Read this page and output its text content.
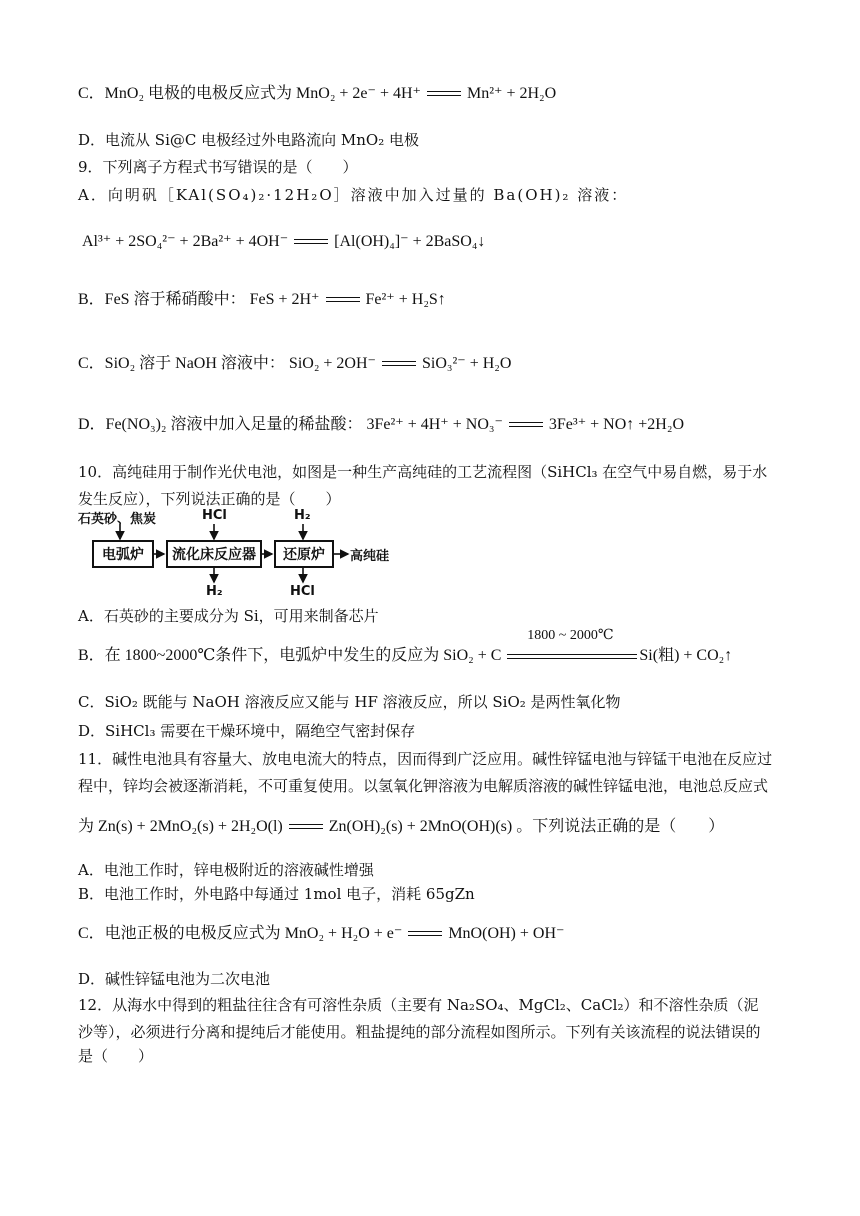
C．MnO₂ 电极的电极反应式为 MnO₂ + 2e⁻ + 4H⁺	Mn²⁺ + 2H₂O
D．电流从 Si@C 电极经过外电路流向 MnO₂ 电极
9．下列离子方程式书写错误的是（　　）
A．向明矾［KAl(SO₄)₂·12H₂O］溶液中加入过量的 Ba(OH)₂ 溶液：
Al³⁺ + 2SO₄²⁻ + 2Ba²⁺ + 4OH⁻	[Al(OH)₄]⁻ + 2BaSO₄↓
B．FeS 溶于稀硝酸中： FeS + 2H⁺	Fe²⁺ + H₂S↑
C．SiO₂ 溶于 NaOH 溶液中： SiO₂ + 2OH⁻	SiO₃²⁻ + H₂O
D．Fe(NO₃)₂ 溶液中加入足量的稀盐酸： 3Fe²⁺ + 4H⁺ + NO₃⁻	3Fe³⁺ + NO↑ +2H₂O
10．高纯硅用于制作光伏电池，如图是一种生产高纯硅的工艺流程图（SiHCl₃ 在空气中易自燃，易于水
发生反应），下列说法正确的是（　　）
石英砂、焦炭	HCl	H₂
电弧炉	流化床反应器	还原炉	高纯硅
H₂	HCl
A．石英砂的主要成分为 Si，可用来制备芯片
B．在 1800~2000℃条件下，电弧炉中发生的反应为 SiO₂ + C
1800 ~ 2000℃
Si(粗) + CO₂↑
C．SiO₂ 既能与 NaOH 溶液反应又能与 HF 溶液反应，所以 SiO₂ 是两性氧化物
D．SiHCl₃ 需要在干燥环境中，隔绝空气密封保存
11．碱性电池具有容量大、放电电流大的特点，因而得到广泛应用。碱性锌锰电池与锌锰干电池在反应过
程中，锌均会被逐渐消耗，不可重复使用。以氢氧化钾溶液为电解质溶液的碱性锌锰电池，电池总反应式
为 Zn(s) + 2MnO₂(s) + 2H₂O(l)	Zn(OH)₂(s) + 2MnO(OH)(s) 。下列说法正确的是（　　）
A．电池工作时，锌电极附近的溶液碱性增强
B．电池工作时，外电路中每通过 1mol 电子，消耗 65gZn
C．电池正极的电极反应式为 MnO₂ + H₂O + e⁻	MnO(OH) + OH⁻
D．碱性锌锰电池为二次电池
12．从海水中得到的粗盐往往含有可溶性杂质（主要有 Na₂SO₄、MgCl₂、CaCl₂）和不溶性杂质（泥
沙等），必须进行分离和提纯后才能使用。粗盐提纯的部分流程如图所示。下列有关该流程的说法错误的
是（　　）
